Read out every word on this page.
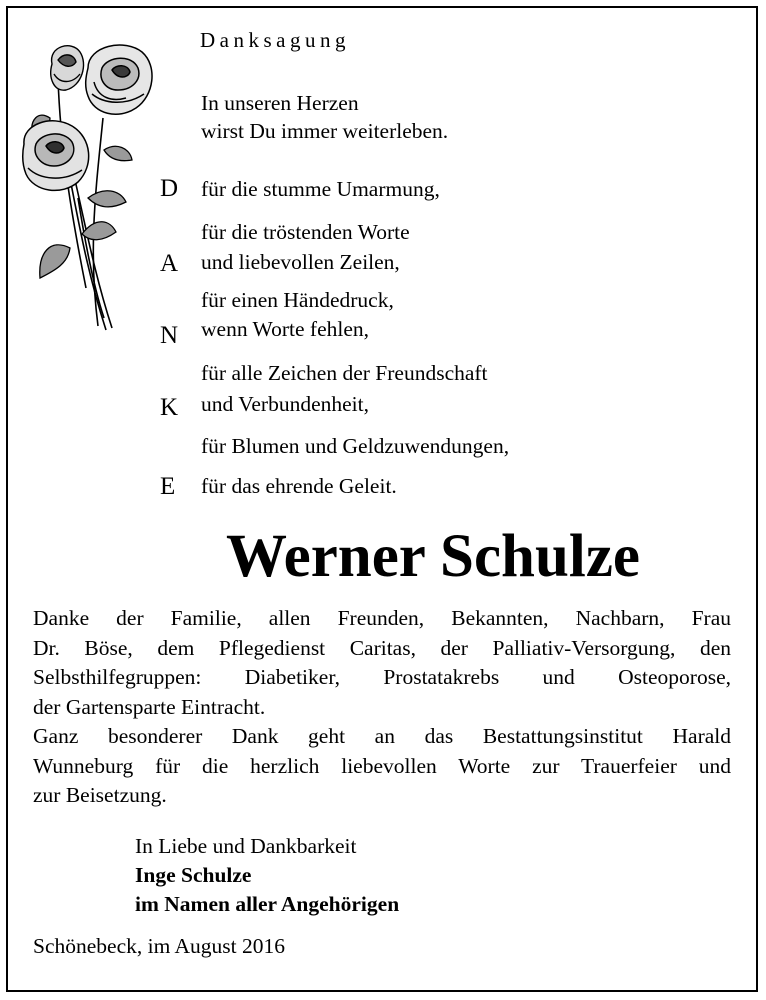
Danksagung
In unseren Herzen
wirst Du immer weiterleben.
D
A
N
K
E
für die stumme Umarmung,
für die tröstenden Worte
und liebevollen Zeilen,
für einen Händedruck,
wenn Worte fehlen,
für alle Zeichen der Freundschaft
und Verbundenheit,
für Blumen und Geldzuwendungen,
für das ehrende Geleit.
Werner Schulze
Danke der Familie, allen Freunden, Bekannten, Nachbarn, Frau
Dr. Böse, dem Pflegedienst Caritas, der Palliativ-Versorgung, den
Selbsthilfegruppen: Diabetiker, Prostatakrebs und Osteoporose,
der Gartensparte Eintracht.
Ganz besonderer Dank geht an das Bestattungsinstitut Harald
Wunneburg für die herzlich liebevollen Worte zur Trauerfeier und
zur Beisetzung.
In Liebe und Dankbarkeit
Inge Schulze
im Namen aller Angehörigen
Schönebeck, im August 2016
